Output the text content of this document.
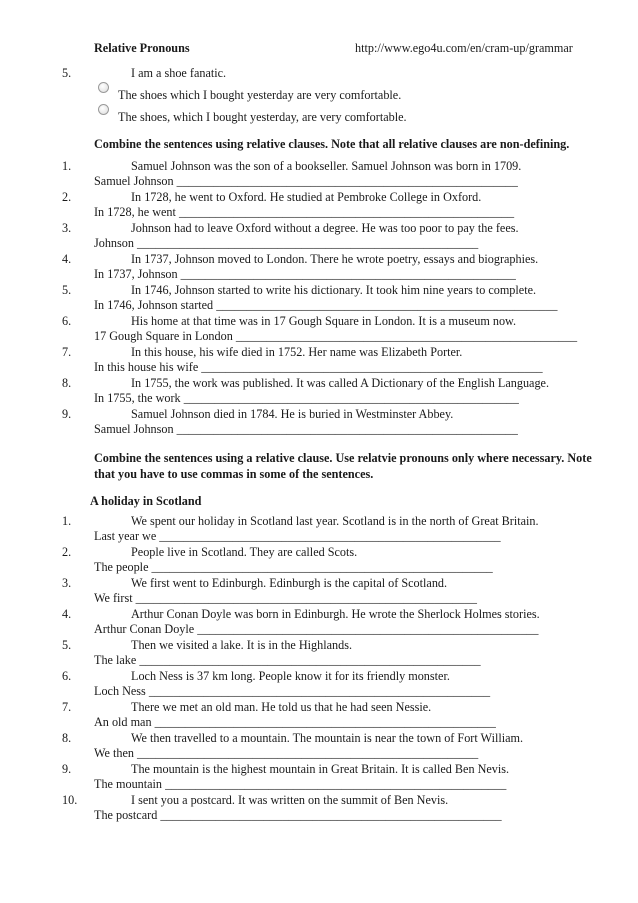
Relative Pronouns	http://www.ego4u.com/en/cram-up/grammar
5.	I am a shoe fanatic.
The shoes which I bought yesterday are very comfortable.
The shoes, which I bought yesterday, are very comfortable.
Combine the sentences using relative clauses. Note that all relative clauses are non-defining.
1.	Samuel Johnson was the son of a bookseller. Samuel Johnson was born in 1709.
Samuel Johnson ________________________________________________________
2.	In 1728, he went to Oxford. He studied at Pembroke College in Oxford.
In 1728, he went _______________________________________________________
3.	Johnson had to leave Oxford without a degree. He was too poor to pay the fees.
Johnson ________________________________________________________
4.	In 1737, Johnson moved to London. There he wrote poetry, essays and biographies.
In 1737, Johnson _______________________________________________________
5.	In 1746, Johnson started to write his dictionary. It took him nine years to complete.
In 1746, Johnson started ________________________________________________________
6.	His home at that time was in 17 Gough Square in London. It is a museum now.
17 Gough Square in London ________________________________________________________
7.	In this house, his wife died in 1752. Her name was Elizabeth Porter.
In this house his wife ________________________________________________________
8.	In 1755, the work was published. It was called A Dictionary of the English Language.
In 1755, the work _______________________________________________________
9.	Samuel Johnson died in 1784. He is buried in Westminster Abbey.
Samuel Johnson ________________________________________________________
Combine the sentences using a relative clause. Use relatvie pronouns only where necessary. Note
that you have to use commas in some of the sentences.
A holiday in Scotland
1.	We spent our holiday in Scotland last year. Scotland is in the north of Great Britain.
Last year we ________________________________________________________
2.	People live in Scotland. They are called Scots.
The people ________________________________________________________
3.	We first went to Edinburgh. Edinburgh is the capital of Scotland.
We first ________________________________________________________
4.	Arthur Conan Doyle was born in Edinburgh. He wrote the Sherlock Holmes stories.
Arthur Conan Doyle ________________________________________________________
5.	Then we visited a lake. It is in the Highlands.
The lake ________________________________________________________
6.	Loch Ness is 37 km long. People know it for its friendly monster.
Loch Ness ________________________________________________________
7.	There we met an old man. He told us that he had seen Nessie.
An old man ________________________________________________________
8.	We then travelled to a mountain. The mountain is near the town of Fort William.
We then ________________________________________________________
9.	The mountain is the highest mountain in Great Britain. It is called Ben Nevis.
The mountain ________________________________________________________
10.	I sent you a postcard. It was written on the summit of Ben Nevis.
The postcard ________________________________________________________
